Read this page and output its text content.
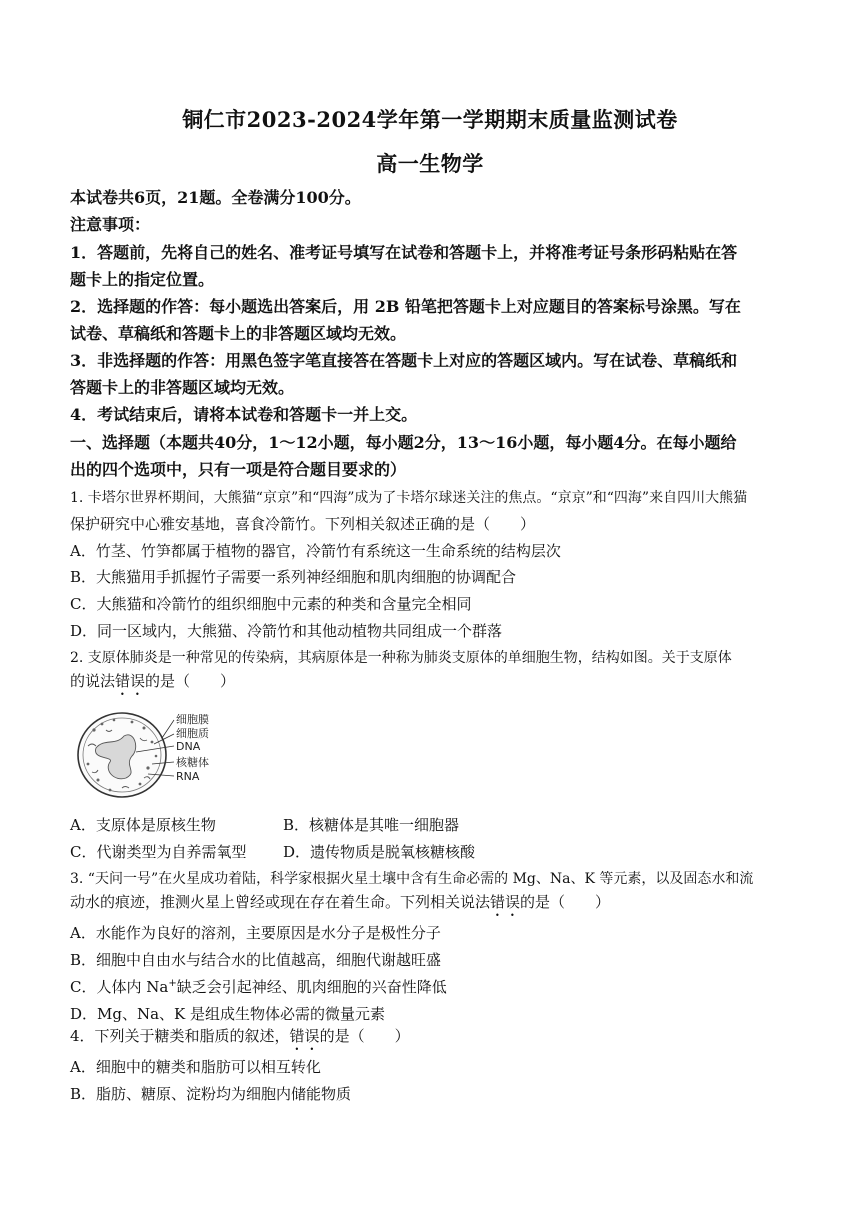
铜仁市2023-2024学年第一学期期末质量监测试卷
高一生物学
本试卷共6页，21题。全卷满分100分。
注意事项：
1．答题前，先将自己的姓名、准考证号填写在试卷和答题卡上，并将准考证号条形码粘贴在答
题卡上的指定位置。
2．选择题的作答：每小题选出答案后，用 2B 铅笔把答题卡上对应题目的答案标号涂黑。写在
试卷、草稿纸和答题卡上的非答题区域均无效。
3．非选择题的作答：用黑色签字笔直接答在答题卡上对应的答题区域内。写在试卷、草稿纸和
答题卡上的非答题区域均无效。
4．考试结束后，请将本试卷和答题卡一并上交。
一、选择题（本题共40分，1～12小题，每小题2分，13～16小题，每小题4分。在每小题给
出的四个选项中，只有一项是符合题目要求的）
1. 卡塔尔世界杯期间，大熊猫“京京”和“四海”成为了卡塔尔球迷关注的焦点。“京京”和“四海”来自四川大熊猫
保护研究中心雅安基地，喜食冷箭竹。下列相关叙述正确的是（　　）
A．竹茎、竹笋都属于植物的器官，冷箭竹有系统这一生命系统的结构层次
B．大熊猫用手抓握竹子需要一系列神经细胞和肌肉细胞的协调配合
C．大熊猫和冷箭竹的组织细胞中元素的种类和含量完全相同
D．同一区域内，大熊猫、冷箭竹和其他动植物共同组成一个群落
2. 支原体肺炎是一种常见的传染病，其病原体是一种称为肺炎支原体的单细胞生物，结构如图。关于支原体
的说法错误的是（　　）
细胞膜
细胞质
DNA
核糖体
RNA
A．支原体是原核生物	B．核糖体是其唯一细胞器
C．代谢类型为自养需氧型	D．遗传物质是脱氧核糖核酸
3. “天问一号”在火星成功着陆，科学家根据火星土壤中含有生命必需的 Mg、Na、K 等元素，以及固态水和流
动水的痕迹，推测火星上曾经或现在存在着生命。下列相关说法错误的是（　　）
A．水能作为良好的溶剂，主要原因是水分子是极性分子
B．细胞中自由水与结合水的比值越高，细胞代谢越旺盛
C．人体内 Na+缺乏会引起神经、肌肉细胞的兴奋性降低
D．Mg、Na、K 是组成生物体必需的微量元素
4．下列关于糖类和脂质的叙述，错误的是（　　）
A．细胞中的糖类和脂肪可以相互转化
B．脂肪、糖原、淀粉均为细胞内储能物质
